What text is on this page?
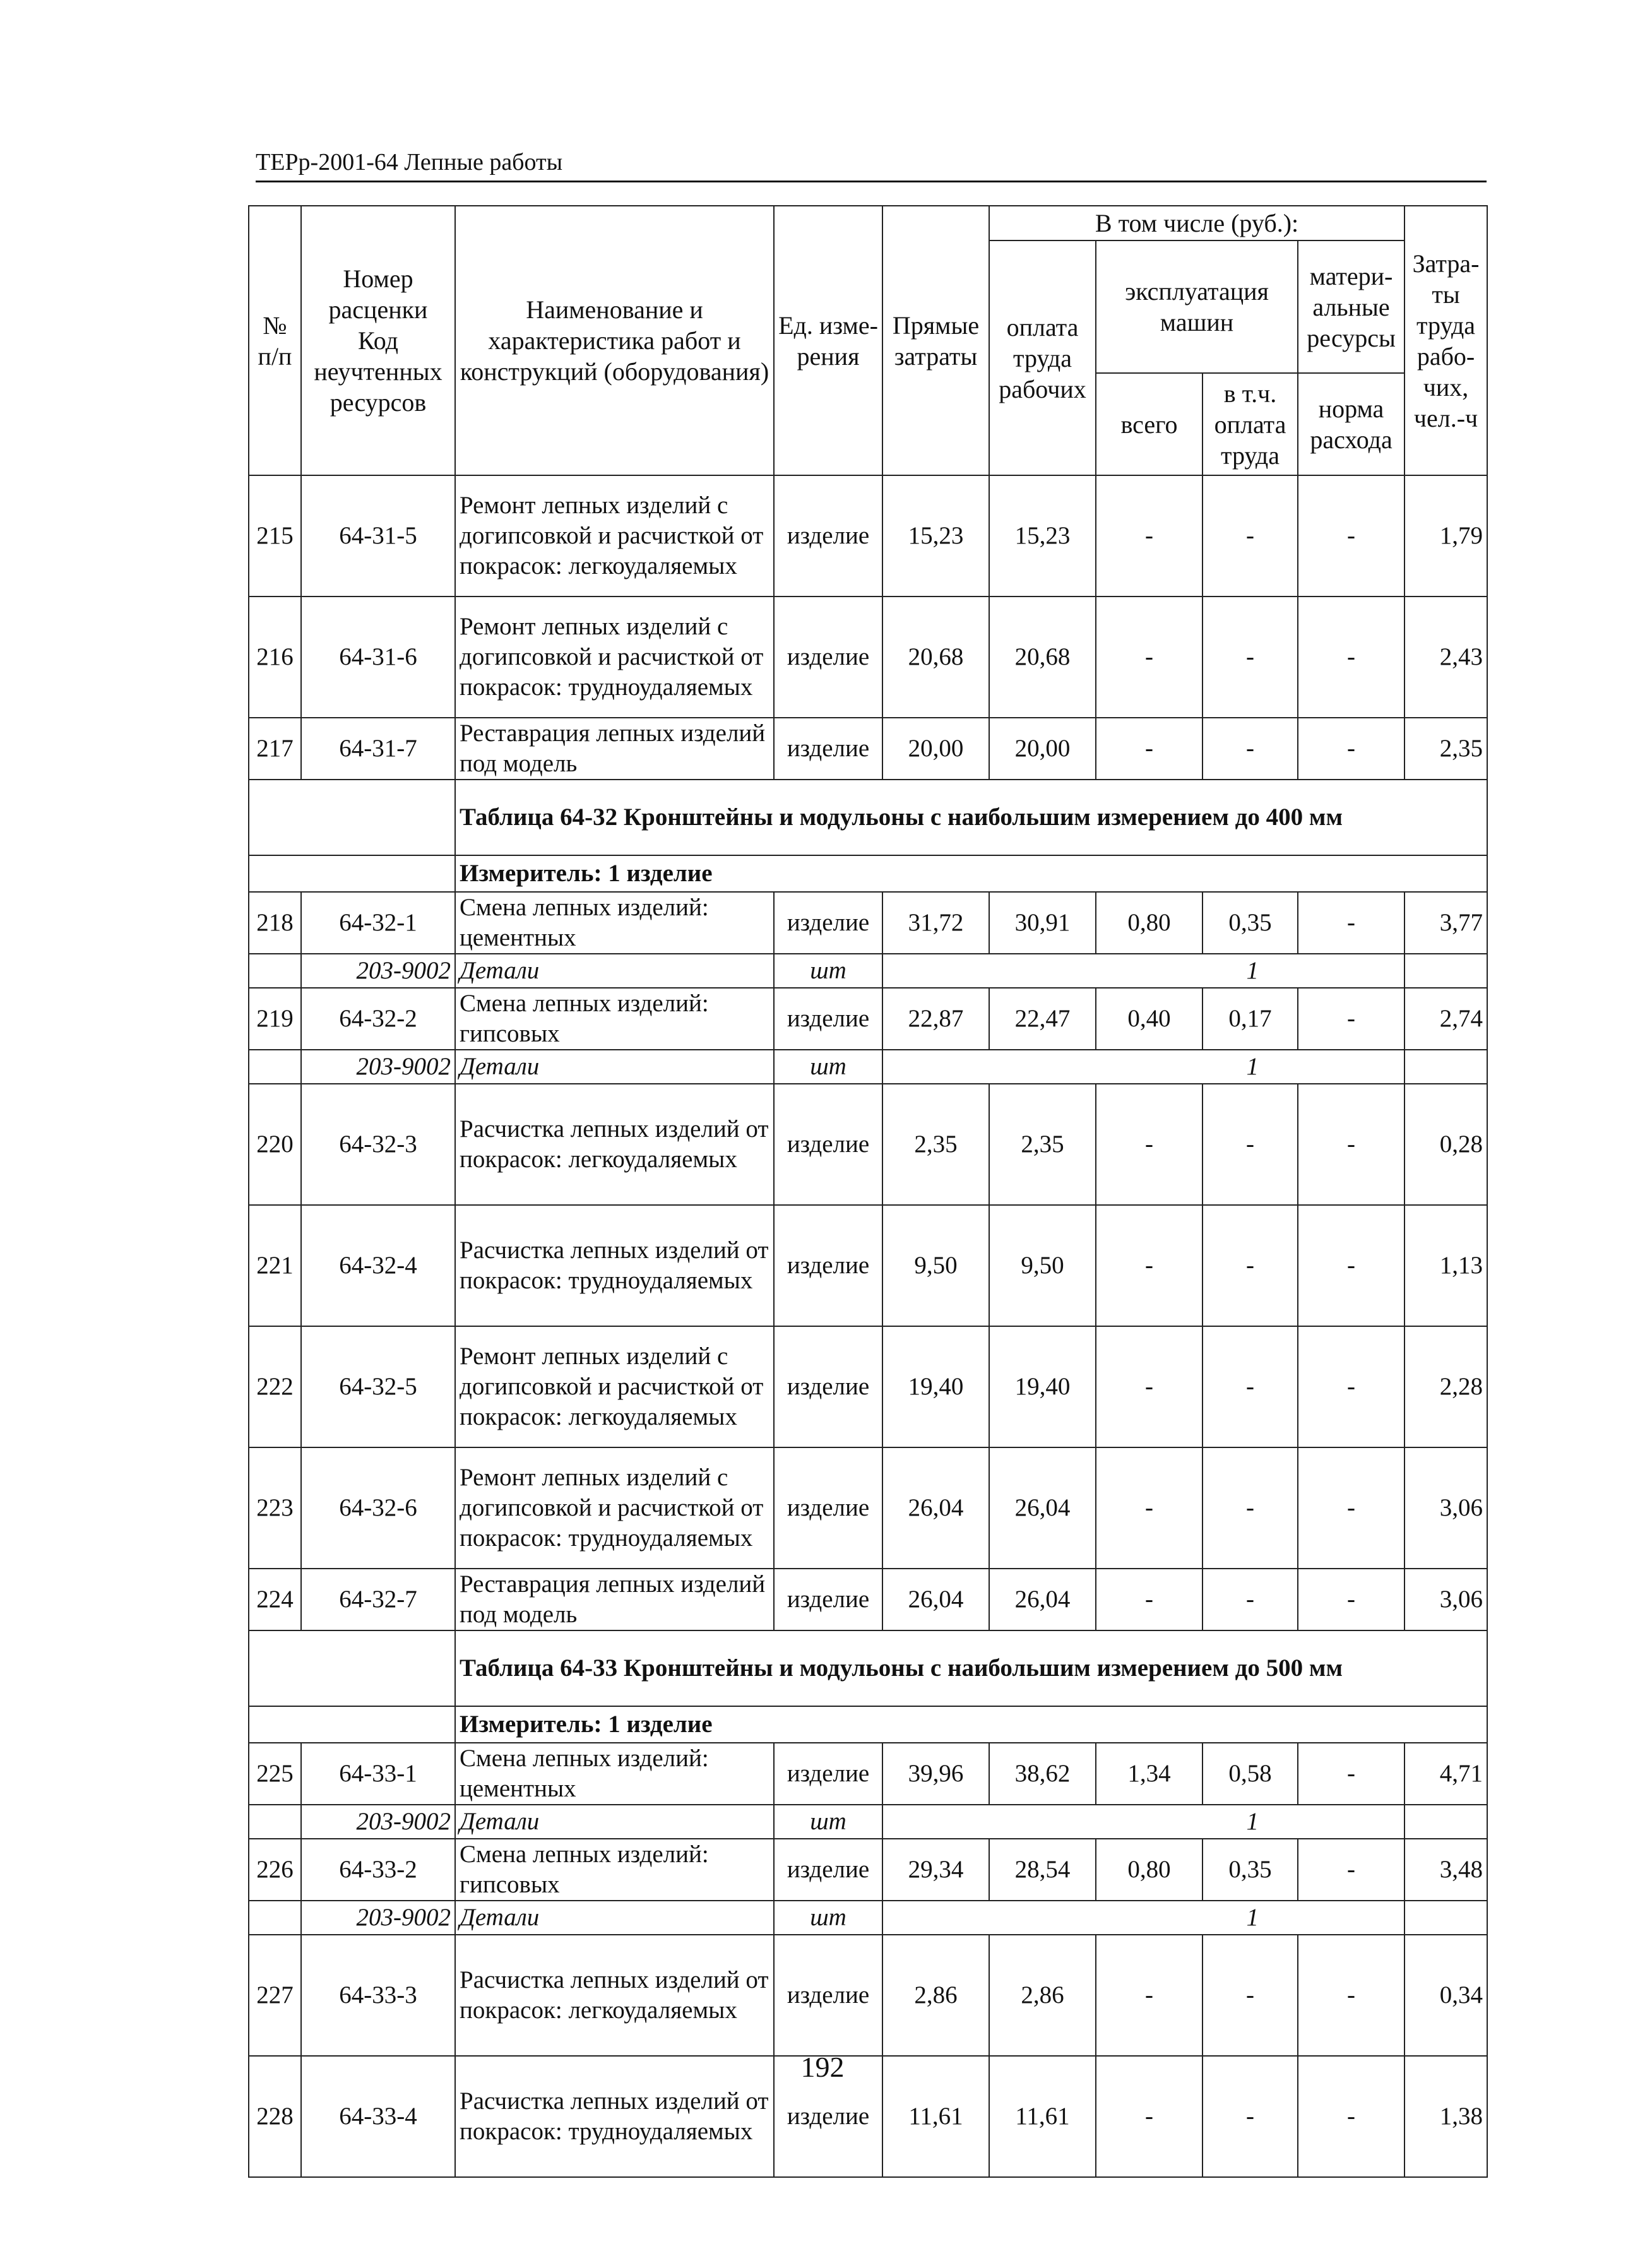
ТЕРр-2001-64 Лепные работы
№ п/п	Номер расценки Код неучтенных ресурсов	Наименование и характеристика работ и конструкций (оборудования)	Ед. изме-рения	Прямые затраты	В том числе (руб.):				Затра-ты труда рабо-чих, чел.-ч
					оплата труда рабочих	эксплуатация машин		матери-альные ресурсы	
						всего	в т.ч. оплата труда	норма расхода	
215	64-31-5	Ремонт лепных изделий с догипсовкой и расчисткой от покрасок: легкоудаляемых	изделие	15,23	15,23	-	-	-	1,79
216	64-31-6	Ремонт лепных изделий с догипсовкой и расчисткой от покрасок: трудноудаляемых	изделие	20,68	20,68	-	-	-	2,43
217	64-31-7	Реставрация лепных изделий под модель	изделие	20,00	20,00	-	-	-	2,35
		Таблица 64-32 Кронштейны и модульоны с наибольшим измерением до 400 мм							
		Измеритель: 1 изделие							
218	64-32-1	Смена лепных изделий: цементных	изделие	31,72	30,91	0,80	0,35	-	3,77
	203-9002	Детали	шт	1					
219	64-32-2	Смена лепных изделий: гипсовых	изделие	22,87	22,47	0,40	0,17	-	2,74
	203-9002	Детали	шт	1					
220	64-32-3	Расчистка лепных изделий от покрасок: легкоудаляемых	изделие	2,35	2,35	-	-	-	0,28
221	64-32-4	Расчистка лепных изделий от покрасок: трудноудаляемых	изделие	9,50	9,50	-	-	-	1,13
222	64-32-5	Ремонт лепных изделий с догипсовкой и расчисткой от покрасок: легкоудаляемых	изделие	19,40	19,40	-	-	-	2,28
223	64-32-6	Ремонт лепных изделий с догипсовкой и расчисткой от покрасок: трудноудаляемых	изделие	26,04	26,04	-	-	-	3,06
224	64-32-7	Реставрация лепных изделий под модель	изделие	26,04	26,04	-	-	-	3,06
		Таблица 64-33 Кронштейны и модульоны с наибольшим измерением до 500 мм							
		Измеритель: 1 изделие							
225	64-33-1	Смена лепных изделий: цементных	изделие	39,96	38,62	1,34	0,58	-	4,71
	203-9002	Детали	шт	1					
226	64-33-2	Смена лепных изделий: гипсовых	изделие	29,34	28,54	0,80	0,35	-	3,48
	203-9002	Детали	шт	1					
227	64-33-3	Расчистка лепных изделий от покрасок: легкоудаляемых	изделие	2,86	2,86	-	-	-	0,34
228	64-33-4	Расчистка лепных изделий от покрасок: трудноудаляемых	изделие	11,61	11,61	-	-	-	1,38
192
